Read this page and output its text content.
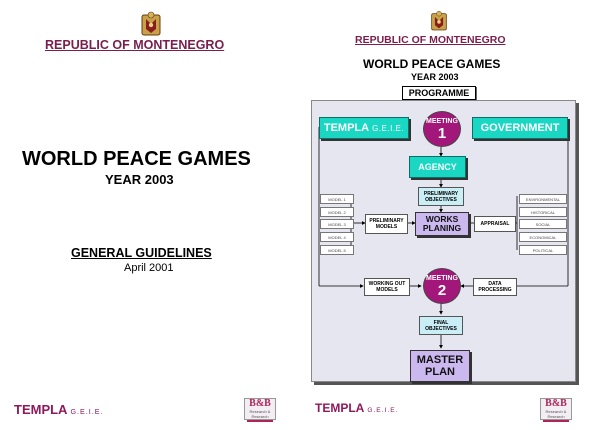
REPUBLIC OF MONTENEGRO
WORLD PEACE GAMES
YEAR 2003
GENERAL GUIDELINES
April 2001
TEMPLA G.E.I.E.
B&B
Research & Research
REPUBLIC OF MONTENEGRO
WORLD PEACE GAMES
YEAR 2003
PROGRAMME
TEMPLA G.E.I.E.	GOVERNMENT
MEETING
1
AGENCY
PRELIMINARY
OBJECTIVES
PRELIMINARY
MODELS
WORKS
PLANING	APPRAISAL
MODEL 1
MODEL 2
MODEL 3
MODEL 4
MODEL 5
ENVIRONMENTAL
HISTORICAL
SOCIAL
ECONOMICAL
POLITICAL
WORKING OUT
MODELS
MEETING
2	DATA
PROCESSING
FINAL
OBJECTIVES
MASTER
PLAN
TEMPLA G.E.I.E.
B&B
Research & Research
